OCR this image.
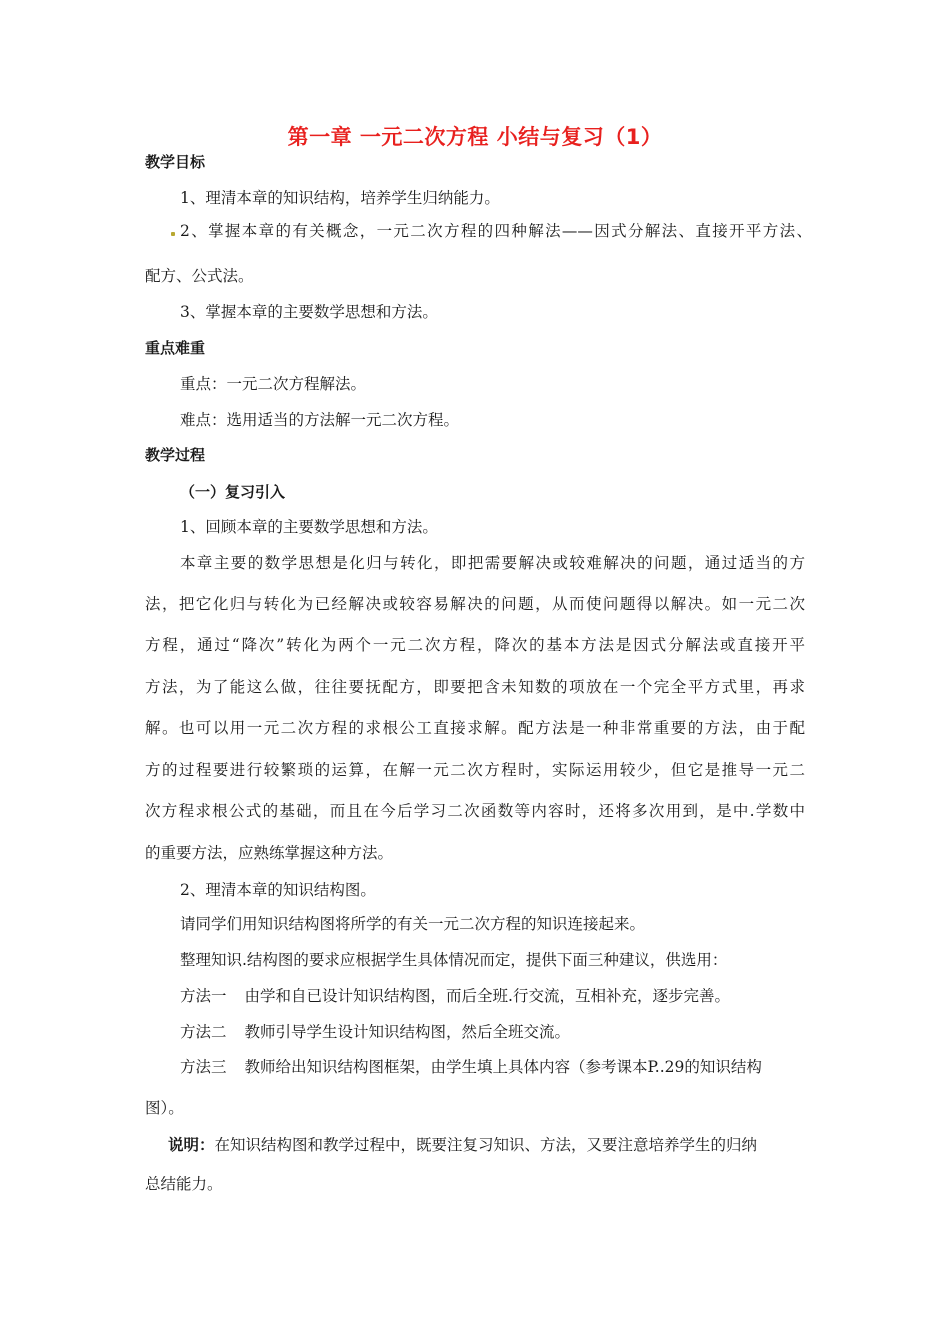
第一章 一元二次方程 小结与复习（1）
教学目标
1、理清本章的知识结构，培养学生归纳能力。
2、掌握本章的有关概念，一元二次方程的四种解法——因式分解法、直接开平方法、
配方、公式法。
3、掌握本章的主要数学思想和方法。
重点难重
重点：一元二次方程解法。
难点：选用适当的方法解一元二次方程。
教学过程
（一）复习引入
1、回顾本章的主要数学思想和方法。
本章主要的数学思想是化归与转化，即把需要解决或较难解决的问题，通过适当的方
法，把它化归与转化为已经解决或较容易解决的问题，从而使问题得以解决。如一元二次
方程，通过“降次”转化为两个一元二次方程，降次的基本方法是因式分解法或直接开平
方法，为了能这么做，往往要抚配方，即要把含未知数的项放在一个完全平方式里，再求
解。也可以用一元二次方程的求根公工直接求解。配方法是一种非常重要的方法，由于配
方的过程要进行较繁琐的运算，在解一元二次方程时，实际运用较少，但它是推导一元二
次方程求根公式的基础，而且在今后学习二次函数等内容时，还将多次用到，是中.学数中
的重要方法，应熟练掌握这种方法。
2、理清本章的知识结构图。
请同学们用知识结构图将所学的有关一元二次方程的知识连接起来。
整理知识.结构图的要求应根据学生具体情况而定，提供下面三种建议，供选用：
方法一 由学和自已设计知识结构图，而后全班.行交流，互相补充，逐步完善。
方法二 教师引导学生设计知识结构图，然后全班交流。
方法三 教师给出知识结构图框架，由学生填上具体内容（参考课本P..29的知识结构
图）。
说明：在知识结构图和教学过程中，既要注复习知识、方法，又要注意培养学生的归纳
总结能力。
